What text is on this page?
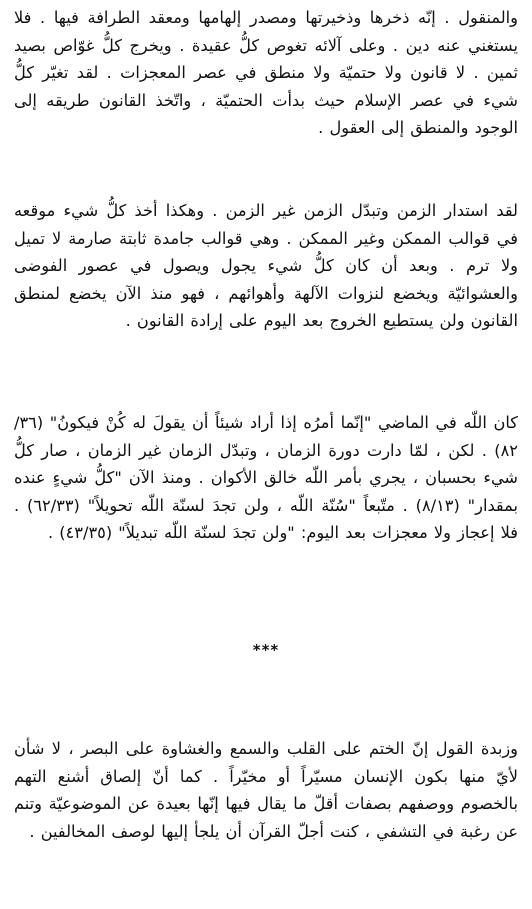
والمنقول . إنّه ذخرها وذخيرتها ومصدر إلهامها ومعقد الطرافة فيها . فلا يستغني عنه دين . وعلى آلائه تغوص كلُّ عقيدة . ويخرج كلُّ غوّاص بصيد ثمين . لا قانون ولا حتميّة ولا منطق في عصر المعجزات . لقد تغيّر كلُّ شيء في عصر الإسلام حيث بدأت الحتميّة ، واتّخذ القانون طريقه إلى الوجود والمنطق إلى العقول .

لقد استدار الزمن وتبدّل الزمن غير الزمن . وهكذا أخذ كلُّ شيء موقعه في قوالب الممكن وغير الممكن . وهي قوالب جامدة ثابتة صارمة لا تميل ولا ترم . وبعد أن كان كلُّ شيء يجول ويصول في عصور الفوضى والعشوائيّة ويخضع لنزوات الآلهة وأهوائهم ، فهو منذ الآن يخضع لمنطق القانون ولن يستطيع الخروج بعد اليوم على إرادة القانون .

كان اللّه في الماضي "إنّما أمرُه إذا أراد شيئاً أن يقولَ له كُنْ فيكونُ" (٣٦/ ٨٢) . لكن ، لمّا دارت دورة الزمان ، وتبدّل الزمان غير الزمان ، صار كلُّ شيء بحسبان ، يجري بأمر اللّه خالق الأكوان . ومنذ الآن "كلُّ شيءٍ عنده بمقدار" (٨/١٣) . متّبعاً "سُنّة اللّه ، ولن تجدَ لسنّة اللّه تحويلاً" (٦٢/٣٣) . فلا إعجاز ولا معجزات بعد اليوم: "ولن تجدَ لسنّة اللّه تبديلاً" (٤٣/٣٥) .

***

وزبدة القول إنّ الختم على القلب والسمع والغشاوة على البصر ، لا شأن لأيّ منها بكون الإنسان مسيّراً أو مخيّراً . كما أنّ إلصاق أشنع التهم بالخصوم ووصفهم بصفات أقلّ ما يقال فيها إنّها بعيدة عن الموضوعيّة وتنم عن رغبة في التشفي ، كنت أجلّ القرآن أن يلجأ إليها لوصف المخالفين .
